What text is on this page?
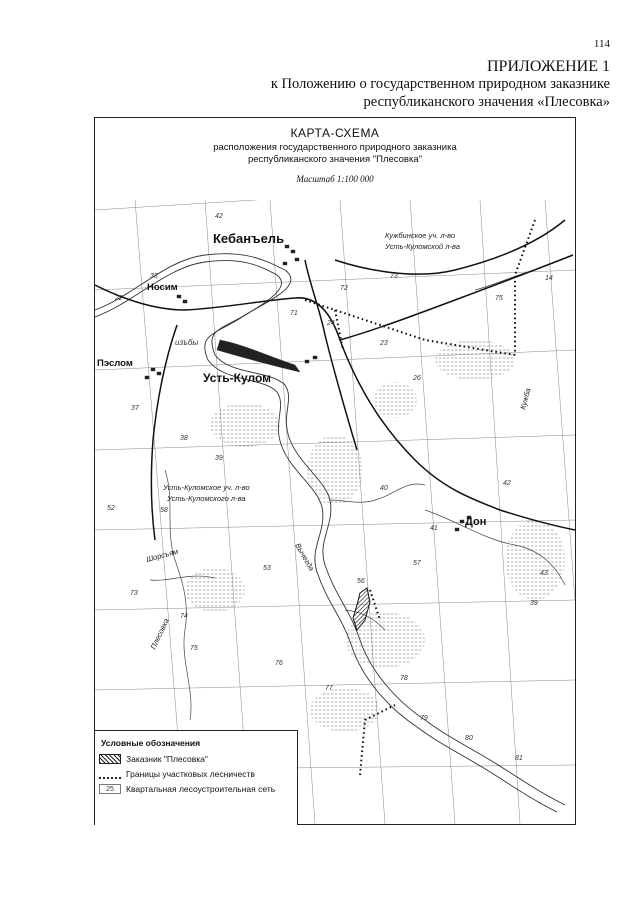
114
ПРИЛОЖЕНИЕ 1
к Положению о государственном природном заказнике
республиканского значения «Плесовка»
КАРТА-СХЕМА
расположения государственного природного заказника
республиканского значения "Плесовка"
Масштаб 1:100 000
42
33
22
72
73
75
14
71
24
23
26
37
38
39
40
41
42
52	58
57
56
53
74
73
75
76
77
78
79
80
81
43
39
Кебанъель
Носим
Пэслом
Усть-Кулом
Дон
изъбы
Кужбинское уч. л-во
Усть-Куломской л-ва
Усть-Куломское уч. л-во
Усть-Куломского л-ва
Вычегда
Шорсъям
Плесовка
Кужба
Условные обозначения
Заказник "Плесовка"
Границы участковых лесничеств
25	Квартальная лесоустроительная сеть
